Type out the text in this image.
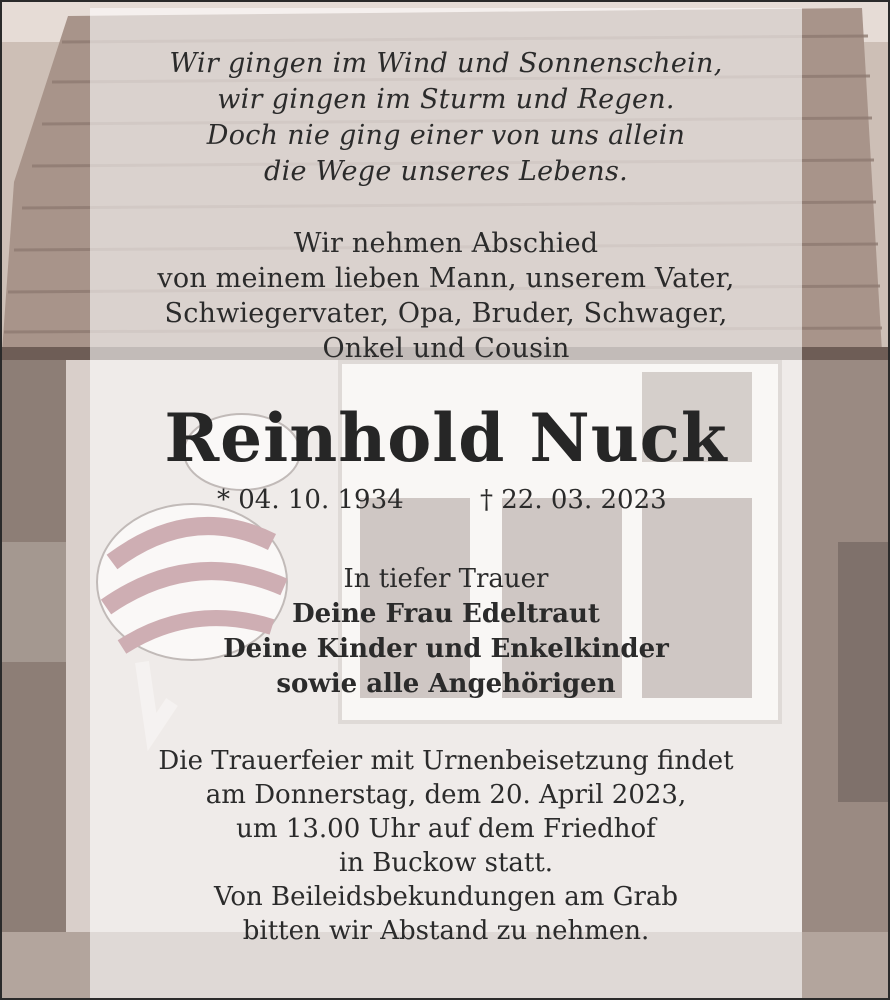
Wir gingen im Wind und Sonnenschein,
wir gingen im Sturm und Regen.
Doch nie ging einer von uns allein
die Wege unseres Lebens.
Wir nehmen Abschied
von meinem lieben Mann, unserem Vater,
Schwiegervater, Opa, Bruder, Schwager,
Onkel und Cousin
Reinhold Nuck
* 04. 10. 1934	† 22. 03. 2023
In tiefer Trauer
Deine Frau Edeltraut
Deine Kinder und Enkelkinder
sowie alle Angehörigen
Die Trauerfeier mit Urnenbeisetzung findet
am Donnerstag, dem 20. April 2023,
um 13.00 Uhr auf dem Friedhof
in Buckow statt.
Von Beileidsbekundungen am Grab
bitten wir Abstand zu nehmen.
